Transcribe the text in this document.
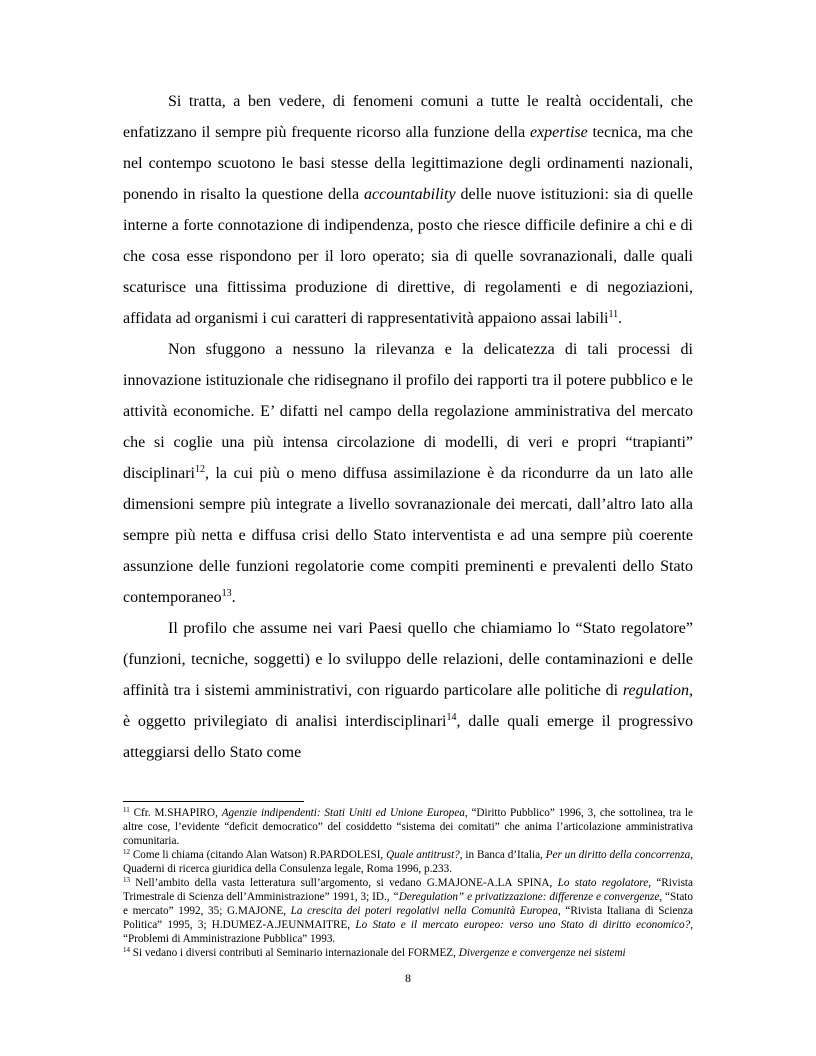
Si tratta, a ben vedere, di fenomeni comuni a tutte le realtà occidentali, che enfatizzano il sempre più frequente ricorso alla funzione della expertise tecnica, ma che nel contempo scuotono le basi stesse della legittimazione degli ordinamenti nazionali, ponendo in risalto la questione della accountability delle nuove istituzioni: sia di quelle interne a forte connotazione di indipendenza, posto che riesce difficile definire a chi e di che cosa esse rispondono per il loro operato; sia di quelle sovranazionali, dalle quali scaturisce una fittissima produzione di direttive, di regolamenti e di negoziazioni, affidata ad organismi i cui caratteri di rappresentatività appaiono assai labili$^{11}$.

Non sfuggono a nessuno la rilevanza e la delicatezza di tali processi di innovazione istituzionale che ridisegnano il profilo dei rapporti tra il potere pubblico e le attività economiche. E’ difatti nel campo della regolazione amministrativa del mercato che si coglie una più intensa circolazione di modelli, di veri e propri “trapianti” disciplinari$^{12}$, la cui più o meno diffusa assimilazione è da ricondurre da un lato alle dimensioni sempre più integrate a livello sovranazionale dei mercati, dall’altro lato alla sempre più netta e diffusa crisi dello Stato interventista e ad una sempre più coerente assunzione delle funzioni regolatorie come compiti preminenti e prevalenti dello Stato contemporaneo$^{13}$.

Il profilo che assume nei vari Paesi quello che chiamiamo lo “Stato regolatore” (funzioni, tecniche, soggetti) e lo sviluppo delle relazioni, delle contaminazioni e delle affinità tra i sistemi amministrativi, con riguardo particolare alle politiche di regulation, è oggetto privilegiato di analisi interdisciplinari$^{14}$, dalle quali emerge il progressivo atteggiarsi dello Stato come

$^{11}$ Cfr. M.SHAPIRO, Agenzie indipendenti: Stati Uniti ed Unione Europea, “Diritto Pubblico” 1996, 3, che sottolinea, tra le altre cose, l’evidente “deficit democratico” del cosiddetto “sistema dei comitati” che anima l’articolazione amministrativa comunitaria.

$^{12}$ Come li chiama (citando Alan Watson) R.PARDOLESI, Quale antitrust?, in Banca d’Italia, Per un diritto della concorrenza, Quaderni di ricerca giuridica della Consulenza legale, Roma 1996, p.233.

$^{13}$ Nell’ambito della vasta letteratura sull’argomento, si vedano G.MAJONE-A.LA SPINA, Lo stato regolatore, “Rivista Trimestrale di Scienza dell’Amministrazione” 1991, 3; ID., “Deregulation” e privatizzazione: differenze e convergenze, “Stato e mercato” 1992, 35; G.MAJONE, La crescita dei poteri regolativi nella Comunità Europea, “Rivista Italiana di Scienza Politica” 1995, 3; H.DUMEZ-A.JEUNMAITRE, Lo Stato e il mercato europeo: verso uno Stato di diritto economico?, “Problemi di Amministrazione Pubblica” 1993.

$^{14}$ Si vedano i diversi contributi al Seminario internazionale del FORMEZ, Divergenze e convergenze nei sistemi

8
